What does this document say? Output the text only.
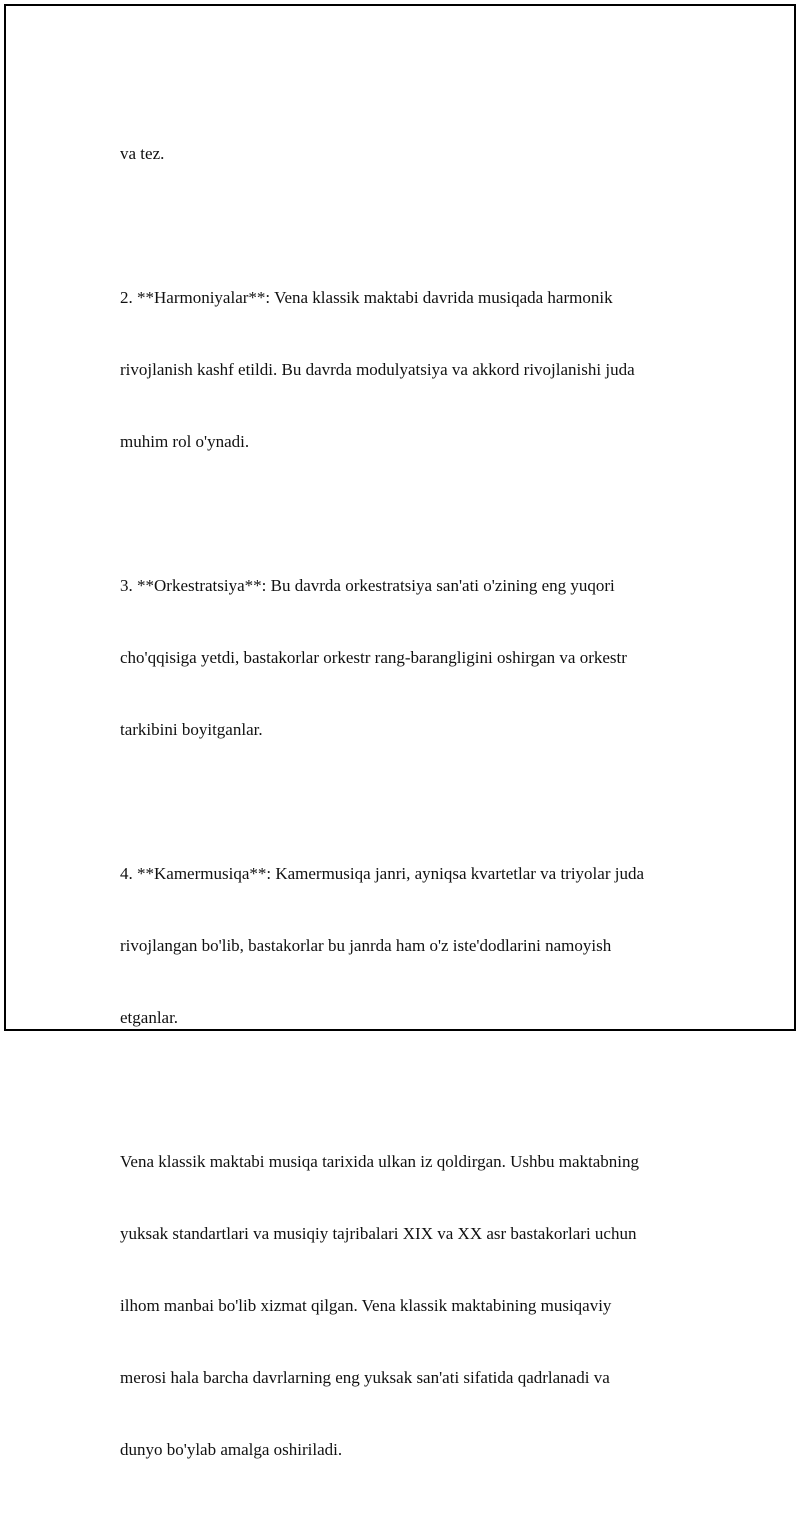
va tez.

2. **Harmoniyalar**: Vena klassik maktabi davrida musiqada harmonik

rivojlanish kashf etildi. Bu davrda modulyatsiya va akkord rivojlanishi juda

muhim rol o'ynadi.

3. **Orkestratsiya**: Bu davrda orkestratsiya san'ati o'zining eng yuqori

cho'qqisiga yetdi, bastakorlar orkestr rang-barangligini oshirgan va orkestr

tarkibini boyitganlar.

4. **Kamermusiqa**: Kamermusiqa janri, ayniqsa kvartetlar va triyolar juda

rivojlangan bo'lib, bastakorlar bu janrda ham o'z iste'dodlarini namoyish

etganlar.

Vena klassik maktabi musiqa tarixida ulkan iz qoldirgan. Ushbu maktabning

yuksak standartlari va musiqiy tajribalari XIX va XX asr bastakorlari uchun

ilhom manbai bo'lib xizmat qilgan. Vena klassik maktabining musiqaviy

merosi hala barcha davrlarning eng yuksak san'ati sifatida qadrlanadi va

dunyo bo'ylab amalga oshiriladi.
